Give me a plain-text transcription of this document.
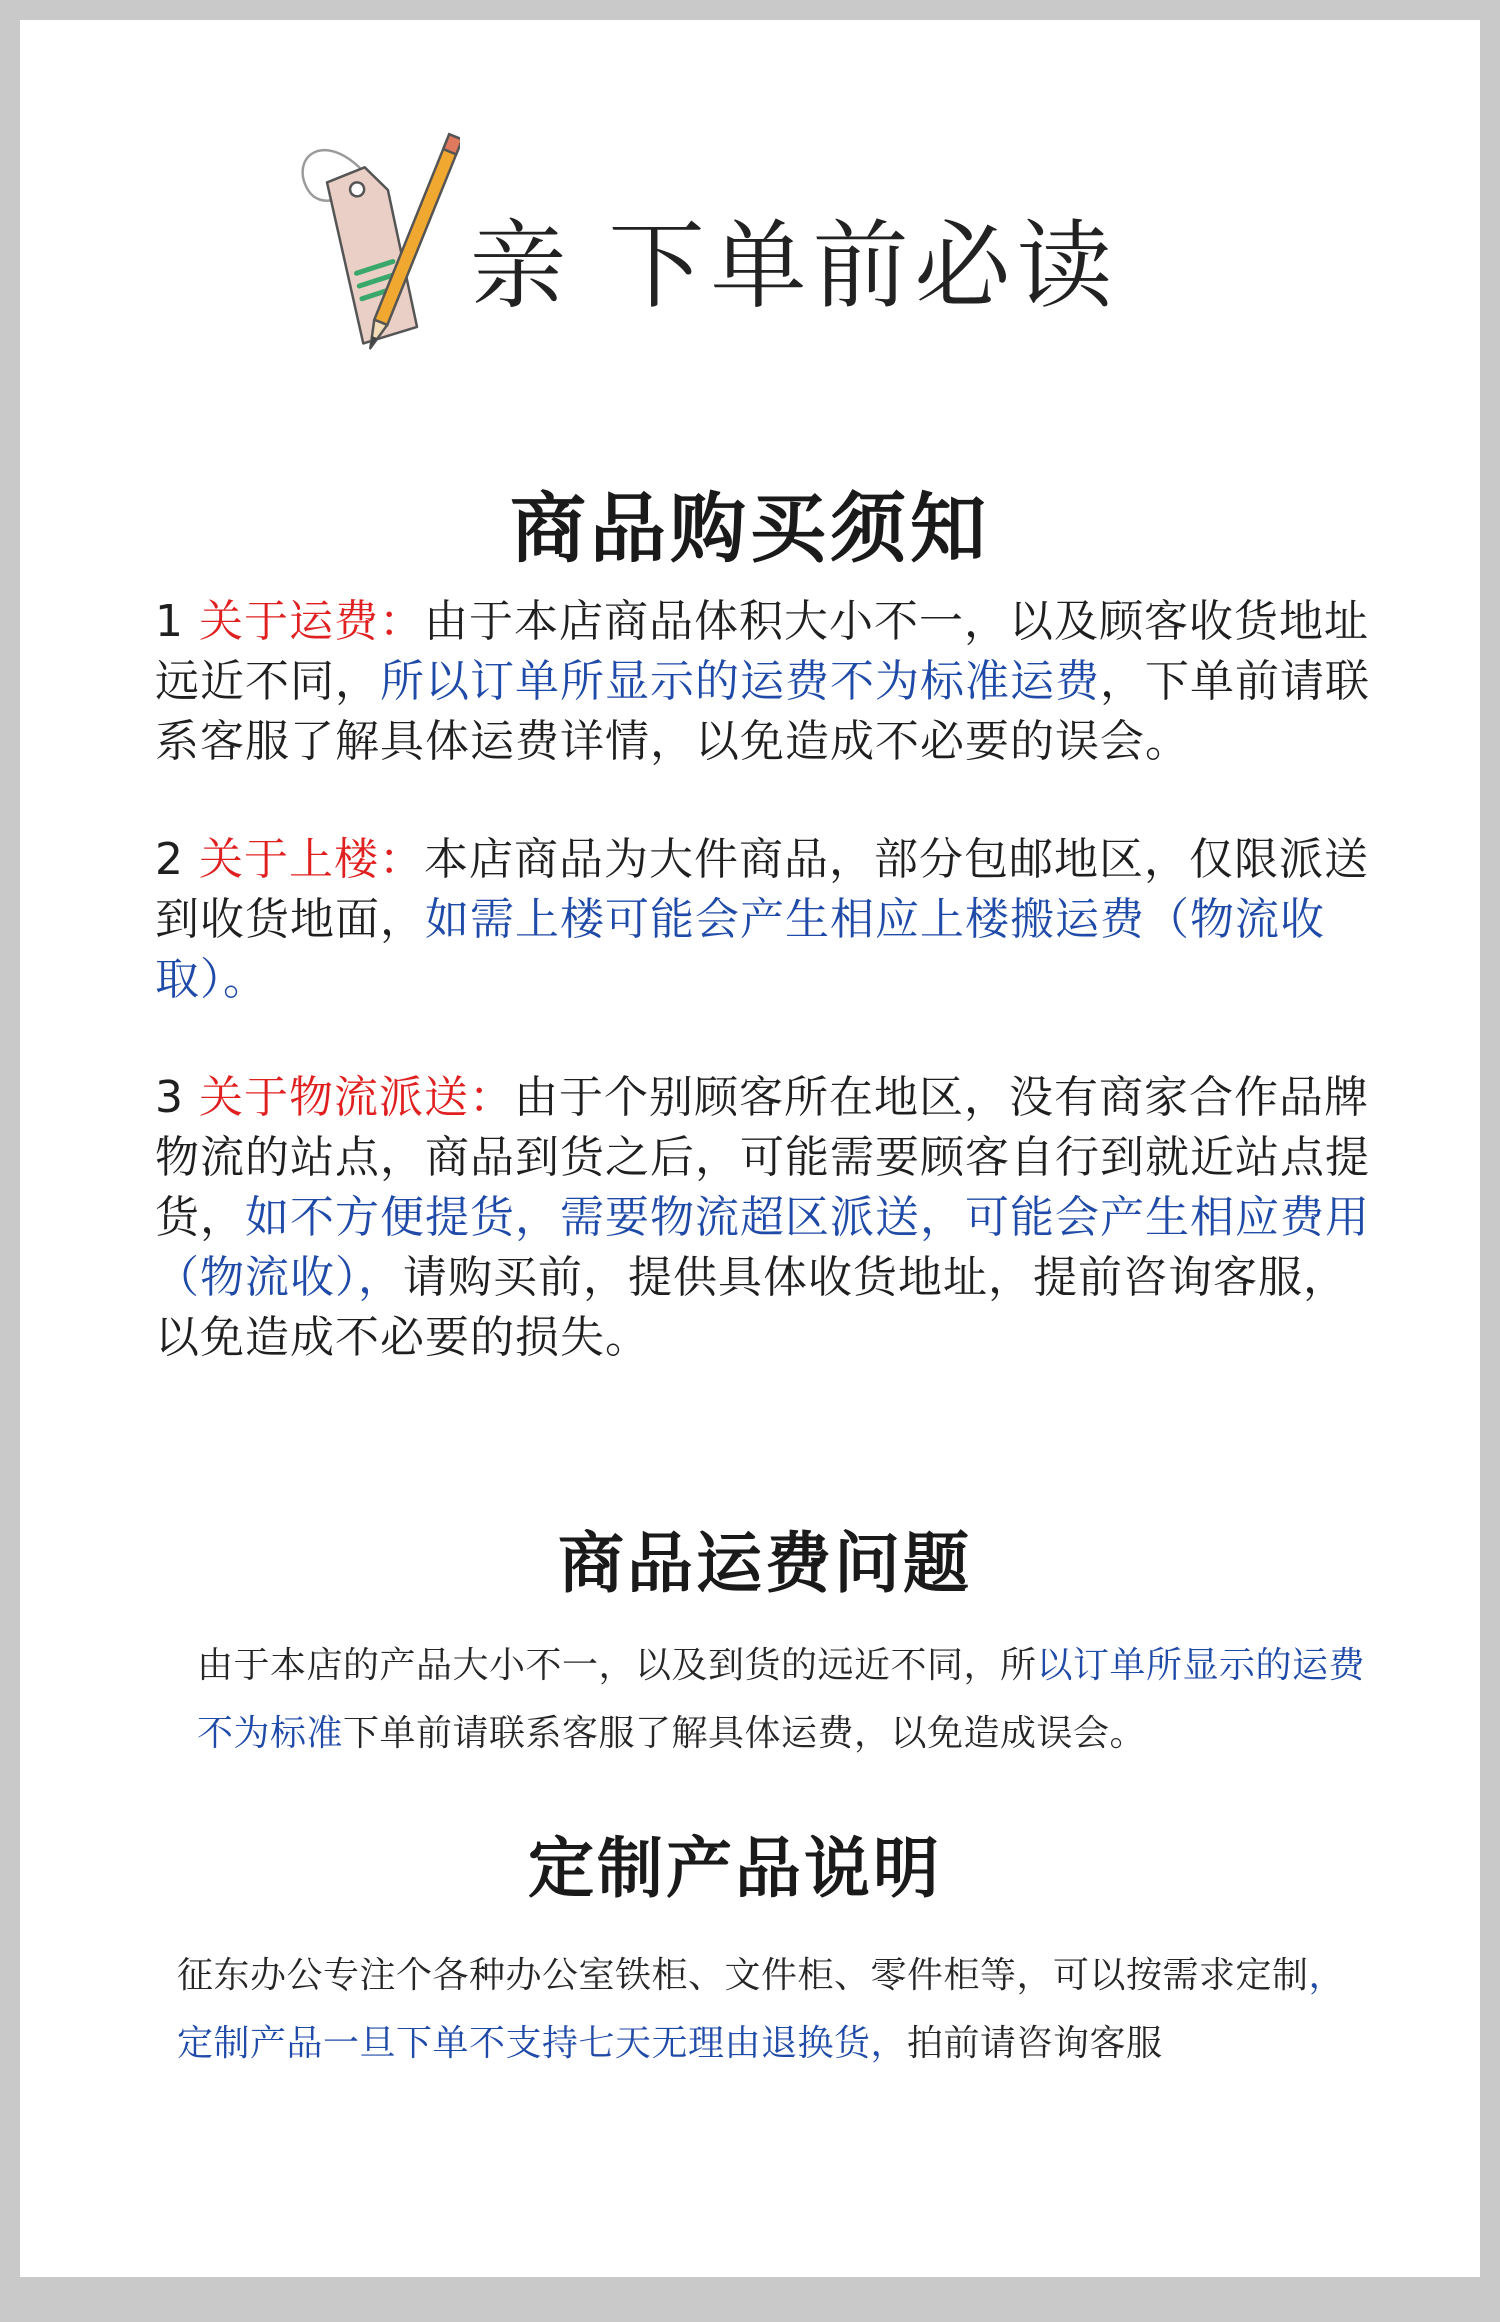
亲 下单前必读
商品购买须知
1 关于运费：由于本店商品体积大小不一，以及顾客收货地址远近不同，所以订单所显示的运费不为标准运费，下单前请联系客服了解具体运费详情，以免造成不必要的误会。
2 关于上楼：本店商品为大件商品，部分包邮地区，仅限派送到收货地面，如需上楼可能会产生相应上楼搬运费（物流收取）。
3 关于物流派送：由于个别顾客所在地区，没有商家合作品牌物流的站点，商品到货之后，可能需要顾客自行到就近站点提货，如不方便提货，需要物流超区派送，可能会产生相应费用（物流收），请购买前，提供具体收货地址，提前咨询客服，以免造成不必要的损失。
商品运费问题
由于本店的产品大小不一，以及到货的远近不同，所以订单所显示的运费不为标准下单前请联系客服了解具体运费，以免造成误会。
定制产品说明
征东办公专注个各种办公室铁柜、文件柜、零件柜等，可以按需求定制，定制产品一旦下单不支持七天无理由退换货，拍前请咨询客服
